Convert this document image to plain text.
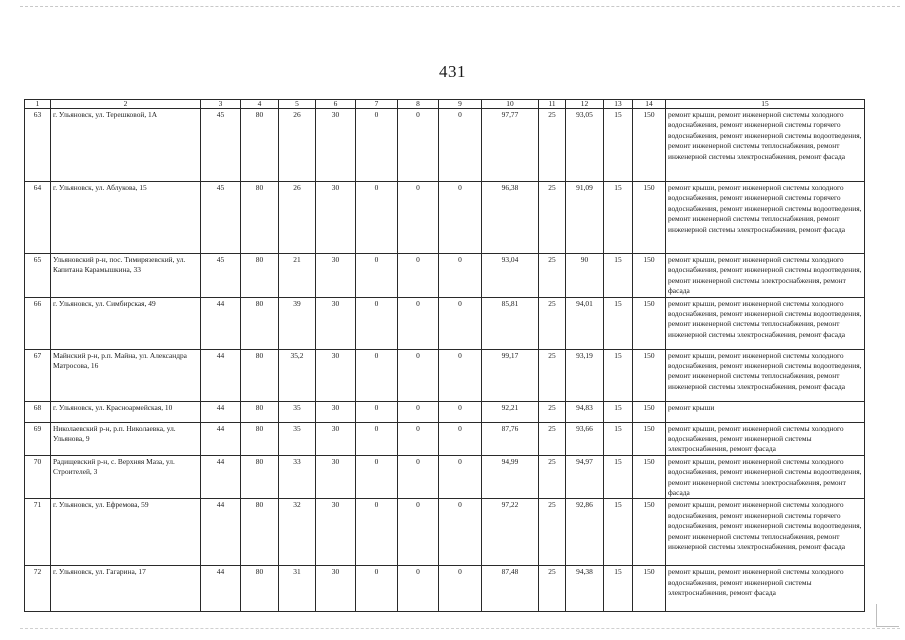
431
1	2	3	4	5	6	7	8	9	10	11	12	13	14	15
63	г. Ульяновск, ул. Терешковой, 1А	45	80	26	30	0	0	0	97,77	25	93,05	15	150	ремонт крыши, ремонт инженерной системы холодного водоснабжения, ремонт инженерной системы горячего водоснабжения, ремонт инженерной системы водоотведения, ремонт инженерной системы теплоснабжения, ремонт инженерной системы электроснабжения, ремонт фасада
64	г. Ульяновск, ул. Аблукова, 15	45	80	26	30	0	0	0	96,38	25	91,09	15	150	ремонт крыши, ремонт инженерной системы холодного водоснабжения, ремонт инженерной системы горячего водоснабжения, ремонт инженерной системы водоотведения, ремонт инженерной системы теплоснабжения, ремонт инженерной системы электроснабжения, ремонт фасада
65	Ульяновский р-н, пос. Тимирязевский, ул. Капитана Карамышкина, 33	45	80	21	30	0	0	0	93,04	25	90	15	150	ремонт крыши, ремонт инженерной системы холодного водоснабжения, ремонт инженерной системы водоотведения, ремонт инженерной системы электроснабжения, ремонт фасада
66	г. Ульяновск, ул. Симбирская, 49	44	80	39	30	0	0	0	85,81	25	94,01	15	150	ремонт крыши, ремонт инженерной системы холодного водоснабжения, ремонт инженерной системы водоотведения, ремонт инженерной системы теплоснабжения, ремонт инженерной системы электроснабжения, ремонт фасада
67	Майнский р-н, р.п. Майна, ул. Александра Матросова, 16	44	80	35,2	30	0	0	0	99,17	25	93,19	15	150	ремонт крыши, ремонт инженерной системы холодного водоснабжения, ремонт инженерной системы водоотведения, ремонт инженерной системы теплоснабжения, ремонт инженерной системы электроснабжения, ремонт фасада
68	г. Ульяновск, ул. Красноармейская, 10	44	80	35	30	0	0	0	92,21	25	94,83	15	150	ремонт крыши
69	Николаевский р-н, р.п. Николаевка, ул. Ульянова, 9	44	80	35	30	0	0	0	87,76	25	93,66	15	150	ремонт крыши, ремонт инженерной системы холодного водоснабжения, ремонт инженерной системы электроснабжения, ремонт фасада
70	Радищевский р-н, с. Верхняя Маза, ул. Строителей, 3	44	80	33	30	0	0	0	94,99	25	94,97	15	150	ремонт крыши, ремонт инженерной системы холодного водоснабжения, ремонт инженерной системы водоотведения, ремонт инженерной системы электроснабжения, ремонт фасада
71	г. Ульяновск, ул. Ефремова, 59	44	80	32	30	0	0	0	97,22	25	92,86	15	150	ремонт крыши, ремонт инженерной системы холодного водоснабжения, ремонт инженерной системы горячего водоснабжения, ремонт инженерной системы водоотведения, ремонт инженерной системы теплоснабжения, ремонт инженерной системы электроснабжения, ремонт фасада
72	г. Ульяновск, ул. Гагарина, 17	44	80	31	30	0	0	0	87,48	25	94,38	15	150	ремонт крыши, ремонт инженерной системы холодного водоснабжения, ремонт инженерной системы электроснабжения, ремонт фасада
